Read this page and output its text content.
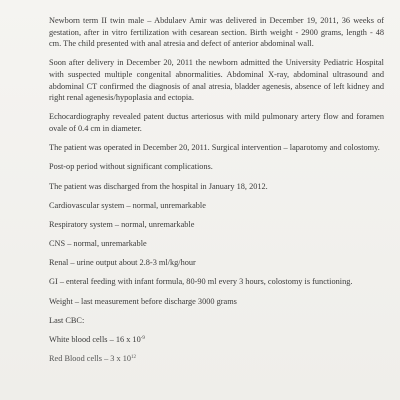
Newborn term II twin male – Abdulaev Amir was delivered in December 19, 2011, 36 weeks of gestation, after in vitro fertilization with cesarean section. Birth weight - 2900 grams, length - 48 cm. The child presented with anal atresia and defect of anterior abdominal wall.

Soon after delivery in December 20, 2011 the newborn admitted the University Pediatric Hospital with suspected multiple congenital abnormalities. Abdominal X-ray, abdominal ultrasound and abdominal CT confirmed the diagnosis of anal atresia, bladder agenesis, absence of left kidney and right renal agenesis/hypoplasia and ectopia.

Echocardiography revealed patent ductus arteriosus with mild pulmonary artery flow and foramen ovale of 0.4 cm in diameter.

The patient was operated in December 20, 2011. Surgical intervention – laparotomy and colostomy.

Post-op period without significant complications.

The patient was discharged from the hospital in January 18, 2012.

Cardiovascular system – normal, unremarkable

Respiratory system – normal, unremarkable

CNS – normal, unremarkable

Renal – urine output about 2.8-3 ml/kg/hour

GI – enteral feeding with infant formula, 80-90 ml every 3 hours, colostomy is functioning.

Weight – last measurement before discharge 3000 grams

Last CBC:

White blood cells – 16 x $10^{-9}$

Red Blood cells – 3 x $10^{12}$
